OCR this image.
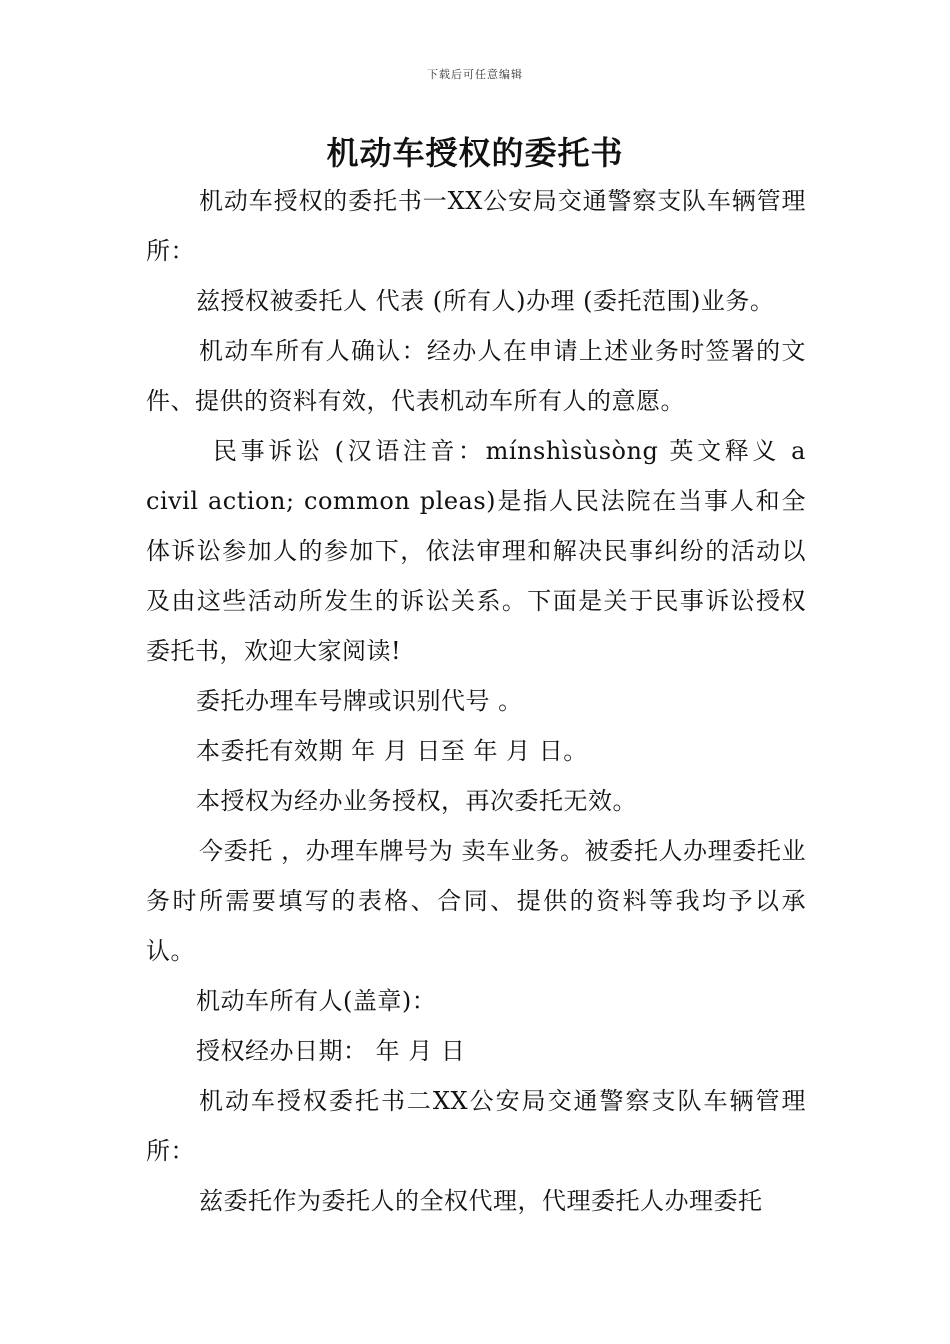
下载后可任意编辑
机动车授权的委托书

机动车授权的委托书一XX公安局交通警察支队车辆管理所：

兹授权被委托人 代表 (所有人)办理 (委托范围)业务。

机动车所有人确认：经办人在申请上述业务时签署的文件、提供的资料有效，代表机动车所有人的意愿。

民事诉讼 (汉语注音：mínshìsùsòng 英文释义 a civil action; common pleas)是指人民法院在当事人和全体诉讼参加人的参加下，依法审理和解决民事纠纷的活动以及由这些活动所发生的诉讼关系。下面是关于民事诉讼授权委托书，欢迎大家阅读!

委托办理车号牌或识别代号 。

本委托有效期 年 月 日至 年 月 日。

本授权为经办业务授权，再次委托无效。

今委托 ，办理车牌号为 卖车业务。被委托人办理委托业务时所需要填写的表格、合同、提供的资料等我均予以承认。

机动车所有人(盖章)：

授权经办日期： 年 月 日

机动车授权委托书二XX公安局交通警察支队车辆管理所：

兹委托作为委托人的全权代理，代理委托人办理委托
